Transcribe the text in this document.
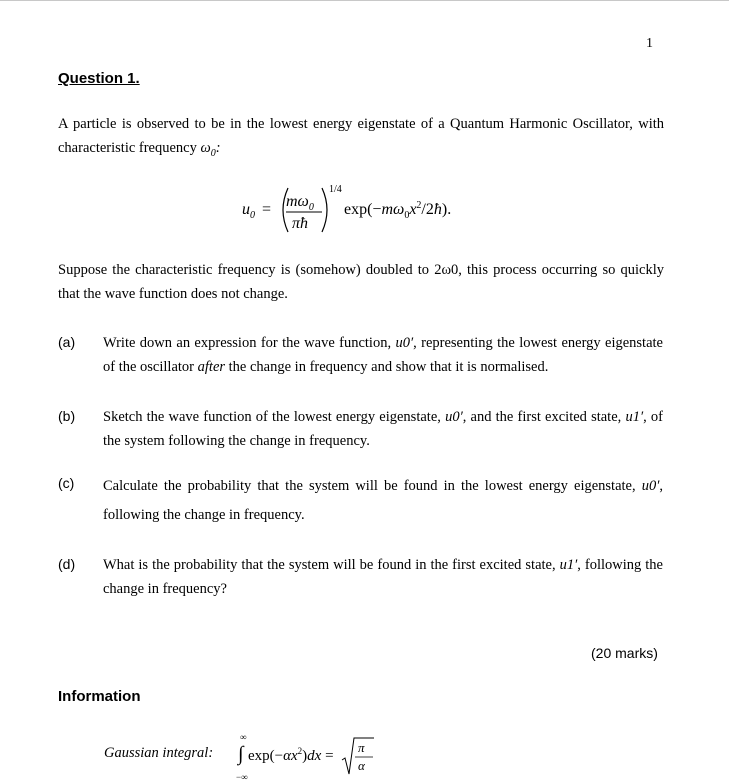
1
Question 1.
A particle is observed to be in the lowest energy eigenstate of a Quantum Harmonic Oscillator, with characteristic frequency $\omega_0$:
$u_0 = m\omega_0$
πħ
1/4
$\exp(-m\omega_0x^2/2ħ)$.
Suppose the characteristic frequency is (somehow) doubled to 2ω0, this process occurring so quickly that the wave function does not change.
(a) Write down an expression for the wave function, u0′, representing the lowest energy eigenstate of the oscillator after the change in frequency and show that it is normalised.
(b) Sketch the wave function of the lowest energy eigenstate, u0′, and the first excited state, u1′, of the system following the change in frequency.
(c) Calculate the probability that the system will be found in the lowest energy eigenstate, u0′, following the change in frequency.
(d) What is the probability that the system will be found in the first excited state, u1′, following the change in frequency?
(20 marks)
Information
Gaussian integral:
∞
∫
−∞
$\exp(-\alpha x^2)dx$ =
π
α
